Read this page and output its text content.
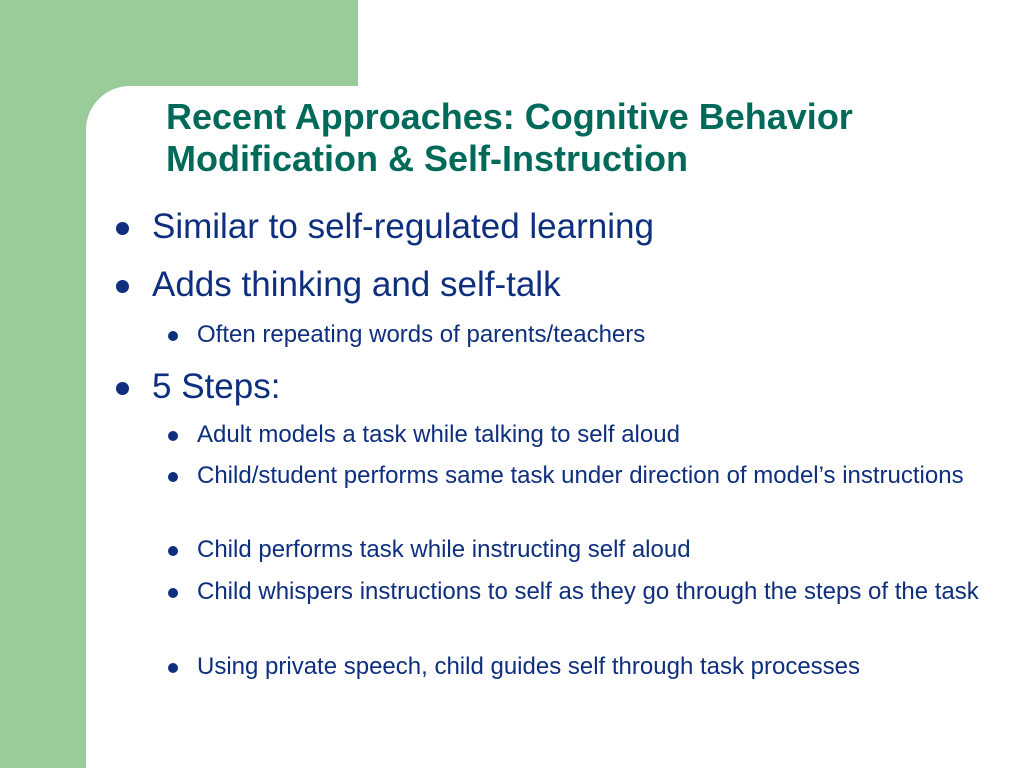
Recent Approaches: Cognitive Behavior
Modification & Self-Instruction
Similar to self-regulated learning
Adds thinking and self-talk
Often repeating words of parents/teachers
5 Steps:
Adult models a task while talking to self aloud
Child/student performs same task under direction of model’s instructions
Child performs task while instructing self aloud
Child whispers instructions to self as they go through the steps of the task
Using private speech, child guides self through task processes
